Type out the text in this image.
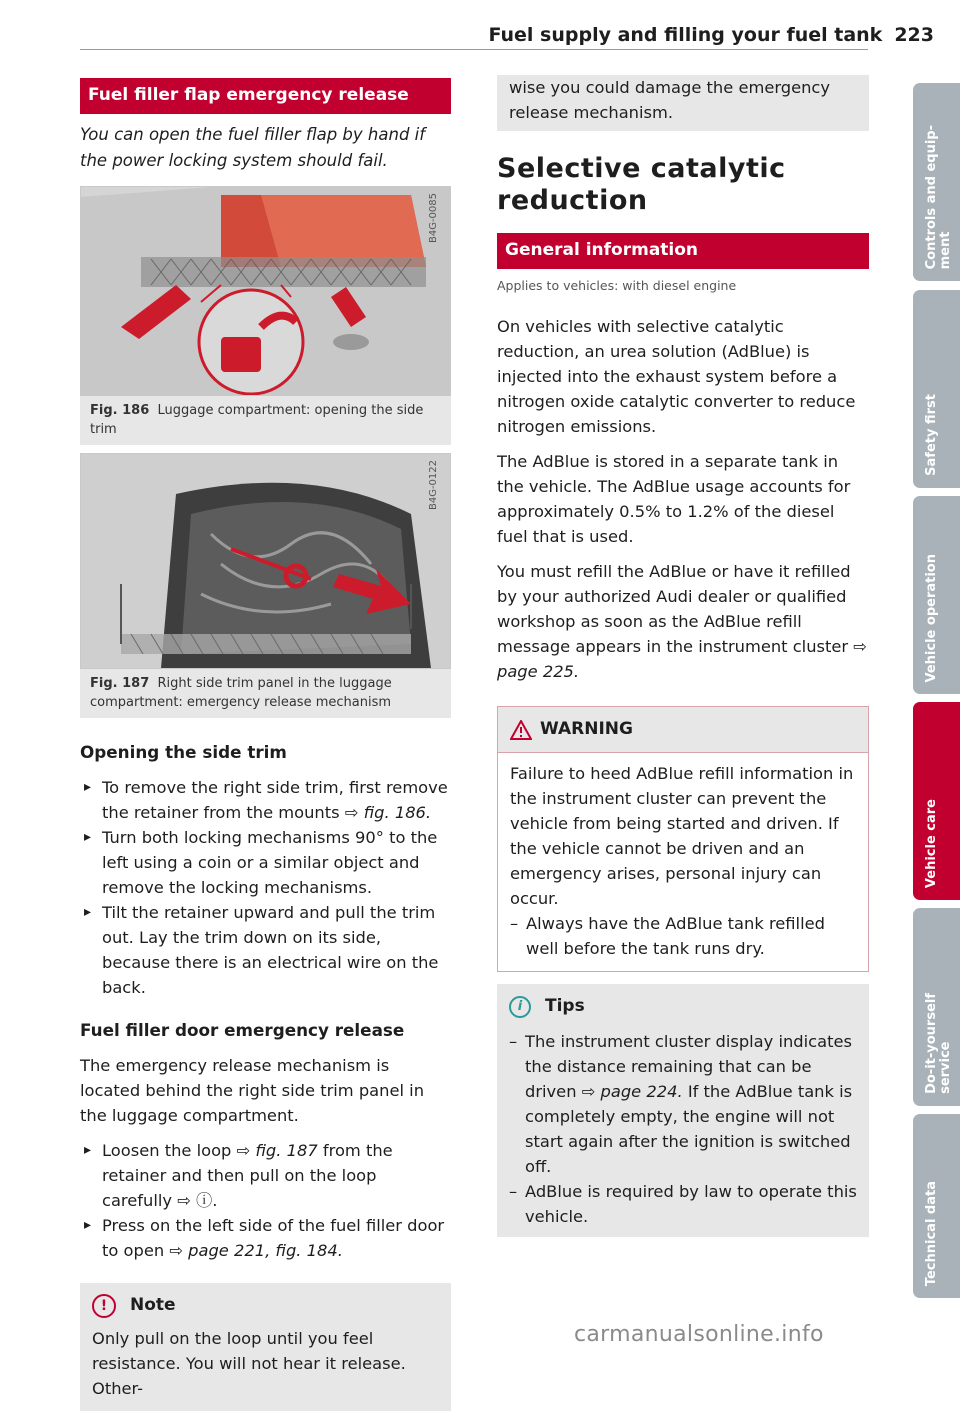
Fuel supply and filling your fuel tank 223
Fuel filler flap emergency release
You can open the fuel filler flap by hand if the power locking system should fail.
B4G-0085
Fig. 186 Luggage compartment: opening the side trim
B4G-0122
Fig. 187 Right side trim panel in the luggage compartment: emergency release mechanism
Opening the side trim
▸ To remove the right side trim, first remove the retainer from the mounts ⇨ fig. 186.
▸ Turn both locking mechanisms 90° to the left using a coin or a similar object and remove the locking mechanisms.
▸ Tilt the retainer upward and pull the trim out. Lay the trim down on its side, because there is an electrical wire on the back.
Fuel filler door emergency release

The emergency release mechanism is located behind the right side trim panel in the luggage compartment.

▸ Loosen the loop ⇨ fig. 187 from the retainer and then pull on the loop carefully ⇨ ⓘ.
▸ Press on the left side of the fuel filler door to open ⇨ page 221, fig. 184.
!	Note

Only pull on the loop until you feel resistance. You will not hear it release. Other-

wise you could damage the emergency release mechanism.

Selective catalytic reduction
General information
Applies to vehicles: with diesel engine

On vehicles with selective catalytic reduction, an urea solution (AdBlue) is injected into the exhaust system before a nitrogen oxide catalytic converter to reduce nitrogen emissions.

The AdBlue is stored in a separate tank in the vehicle. The AdBlue usage accounts for approximately 0.5% to 1.2% of the diesel fuel that is used.

You must refill the AdBlue or have it refilled by your authorized Audi dealer or qualified workshop as soon as the AdBlue refill message appears in the instrument cluster ⇨ page 225.

WARNING

Failure to heed AdBlue refill information in the instrument cluster can prevent the vehicle from being started and driven. If the vehicle cannot be driven and an emergency arises, personal injury can occur.

– Always have the AdBlue tank refilled well before the tank runs dry.
i	Tips
– The instrument cluster display indicates the distance remaining that can be driven ⇨ page 224. If the AdBlue tank is completely empty, the engine will not start again after the ignition is switched off.
– AdBlue is required by law to operate this vehicle.
Controls and equip-
ment
Safety first
Vehicle operation
Vehicle care
Do-it-yourself
service
Technical data
carmanualsonline.info
